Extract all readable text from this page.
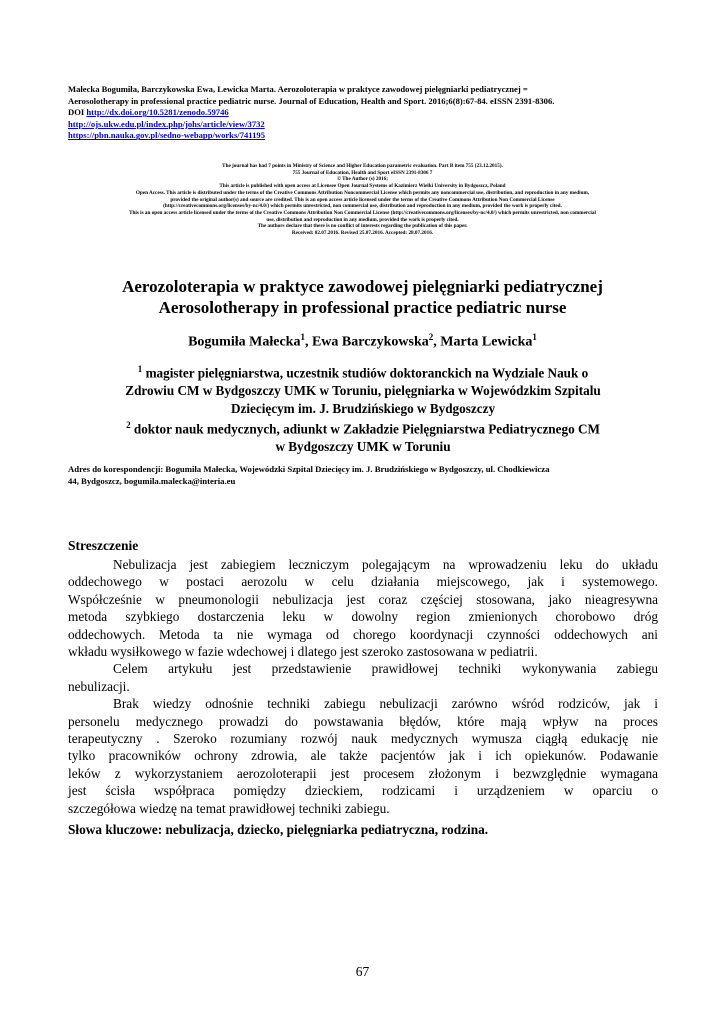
Małecka Bogumiła, Barczykowska Ewa, Lewicka Marta. Aerozoloterapia w praktyce zawodowej pielęgniarki pediatrycznej =
Aerosolotherapy in professional practice pediatric nurse. Journal of Education, Health and Sport. 2016;6(8):67-84. eISSN 2391-8306.
DOI http://dx.doi.org/10.5281/zenodo.59746
http://ojs.ukw.edu.pl/index.php/johs/article/view/3732
https://pbn.nauka.gov.pl/sedno-webapp/works/741195
The journal has had 7 points in Ministry of Science and Higher Education parametric evaluation. Part B item 755 (23.12.2015).
755 Journal of Education, Health and Sport eISSN 2391-8306 7
© The Author (s) 2016;
This article is published with open access at Licensee Open Journal Systems of Kazimierz Wielki University in Bydgoszcz, Poland
Open Access. This article is distributed under the terms of the Creative Commons Attribution Noncommercial License which permits any noncommercial use, distribution, and reproduction in any medium,
provided the original author(s) and source are credited. This is an open access article licensed under the terms of the Creative Commons Attribution Non Commercial License
(http://creativecommons.org/licenses/by-nc/4.0/) which permits unrestricted, non commercial use, distribution and reproduction in any medium, provided the work is properly cited.
This is an open access article licensed under the terms of the Creative Commons Attribution Non Commercial License (http://creativecommons.org/licenses/by-nc/4.0/) which permits unrestricted, non commercial
use, distribution and reproduction in any medium, provided the work is properly cited.
The authors declare that there is no conflict of interests regarding the publication of this paper.
Received: 02.07.2016. Revised 25.07.2016. Accepted: 28.07.2016.
Aerozoloterapia w praktyce zawodowej pielęgniarki pediatrycznej
Aerosolotherapy in professional practice pediatric nurse
Bogumiła Małecka$^1$, Ewa Barczykowska$^2$, Marta Lewicka$^1$
$^1$ magister pielęgniarstwa, uczestnik studiów doktoranckich na Wydziale Nauk o
Zdrowiu CM w Bydgoszczy UMK w Toruniu, pielęgniarka w Wojewódzkim Szpitalu
Dziecięcym im. J. Brudzińskiego w Bydgoszczy
$^2$ doktor nauk medycznych, adiunkt w Zakładzie Pielęgniarstwa Pediatrycznego CM
w Bydgoszczy UMK w Toruniu
Adres do korespondencji: Bogumiła Małecka, Wojewódzki Szpital Dziecięcy im. J. Brudzińskiego w Bydgoszczy, ul. Chodkiewicza
44, Bydgoszcz, bogumila.malecka@interia.eu
Streszczenie
Nebulizacja jest zabiegiem leczniczym polegającym na wprowadzeniu leku do układu
oddechowego w postaci aerozolu w celu działania miejscowego, jak i systemowego.
Współcześnie w pneumonologii nebulizacja jest coraz częściej stosowana, jako nieagresywna
metoda szybkiego dostarczenia leku w dowolny region zmienionych chorobowo dróg
oddechowych. Metoda ta nie wymaga od chorego koordynacji czynności oddechowych ani
wkładu wysiłkowego w fazie wdechowej i dlatego jest szeroko zastosowana w pediatrii.
Celem artykułu jest przedstawienie prawidłowej techniki wykonywania zabiegu
nebulizacji.
Brak wiedzy odnośnie techniki zabiegu nebulizacji zarówno wśród rodziców, jak i
personelu medycznego prowadzi do powstawania błędów, które mają wpływ na proces
terapeutyczny . Szeroko rozumiany rozwój nauk medycznych wymusza ciągłą edukację nie
tylko pracowników ochrony zdrowia, ale także pacjentów jak i ich opiekunów. Podawanie
leków z wykorzystaniem aerozoloterapii jest procesem złożonym i bezwzględnie wymagana
jest ścisła współpraca pomiędzy dzieckiem, rodzicami i urządzeniem w oparciu o
szczegółowa wiedzę na temat prawidłowej techniki zabiegu.
Słowa kluczowe: nebulizacja, dziecko, pielęgniarka pediatryczna, rodzina.
67
